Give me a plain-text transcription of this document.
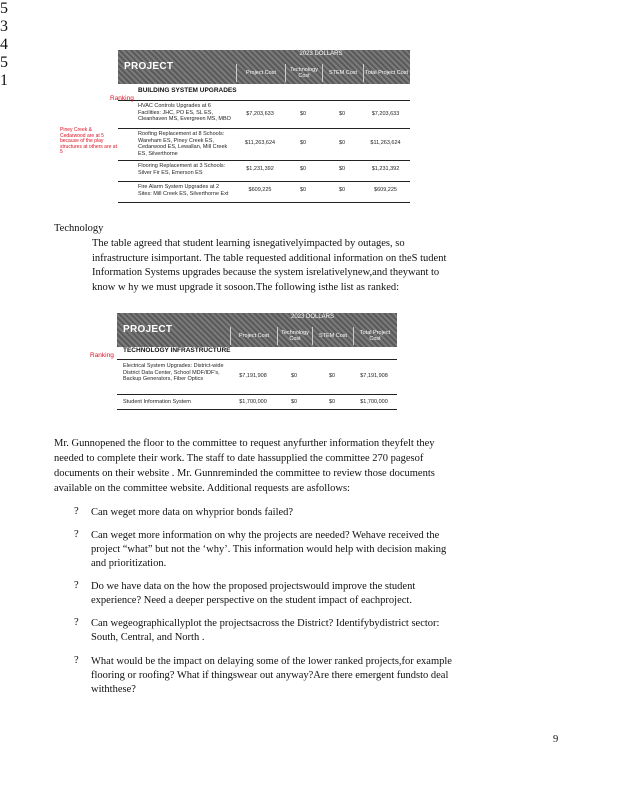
PROJECT
2023 DOLLARS
Project Cost	Technology Cost	STEM Cost	Total Project Cost
BUILDING SYSTEM UPGRADES
HVAC Controls Upgrades at 6 Facilities: JHC, PO ES, SL ES, Cleanhaven MS, Evergreen MS, MBO
$7,203,633	$0	$0	$7,203,633
Roofing Replacement at 8 Schools: Wareham ES, Piney Creek ES, Cedarwood ES, Lewallan, Mill Creek ES, Silverthorne
$11,263,624	$0	$0	$11,263,624
Flooring Replacement at 3 Schools: Silver Fir ES, Emerson ES
$1,231,392	$0	$0	$1,231,392
Fire Alarm System Upgrades at 2 Sites: Mill Creek ES, Silverthorne Ext
$609,225	$0	$0	$609,225
Ranking
5
Piney Creek & Cedarwood are at 5 because of the play structures at others are at 5
3
4
Technology
The table agreed that student learning isnegativelyimpacted by outages, so
infrastructure isimportant. The table requested additional information on theS tudent
Information Systems upgrades because the system isrelativelynew,and theywant to
know w hy we must upgrade it sosoon.The following isthe list as ranked:
PROJECT
2023 DOLLARS
Project Cost	Technology Cost	STEM Cost	Total Project Cost
TECHNOLOGY INFRASTRUCTURE
Electrical System Upgrades: District-wide District Data Center, School MDF/IDF's, Backup Generators, Fiber Optics	$7,191,908	$0	$0	$7,191,908
Student Information System	$1,700,000	$0	$0	$1,700,000
Ranking
5
1
Mr. Gunnopened the floor to the committee to request anyfurther information theyfelt they
needed to complete their work. The staff to date hassupplied the committee 270 pagesof
documents on their website . Mr. Gunnreminded the committee to review those documents
available on the committee website. Additional requests are asfollows:
? Can weget more data on whyprior bonds failed?
? Can weget more information on why the projects are needed? Wehave received the
project “what” but not the ‘why’. This information would help with decision making
and prioritization.
? Do we have data on the how the proposed projectswould improve the student
experience? Need a deeper perspective on the student impact of eachproject.
? Can wegeographicallyplot the projectsacross the District? Identifybydistrict sector:
South, Central, and North .
? What would be the impact on delaying some of the lower ranked projects,for example
flooring or roofing? What if thingswear out anyway?Are there emergent fundsto deal
withthese?
9
